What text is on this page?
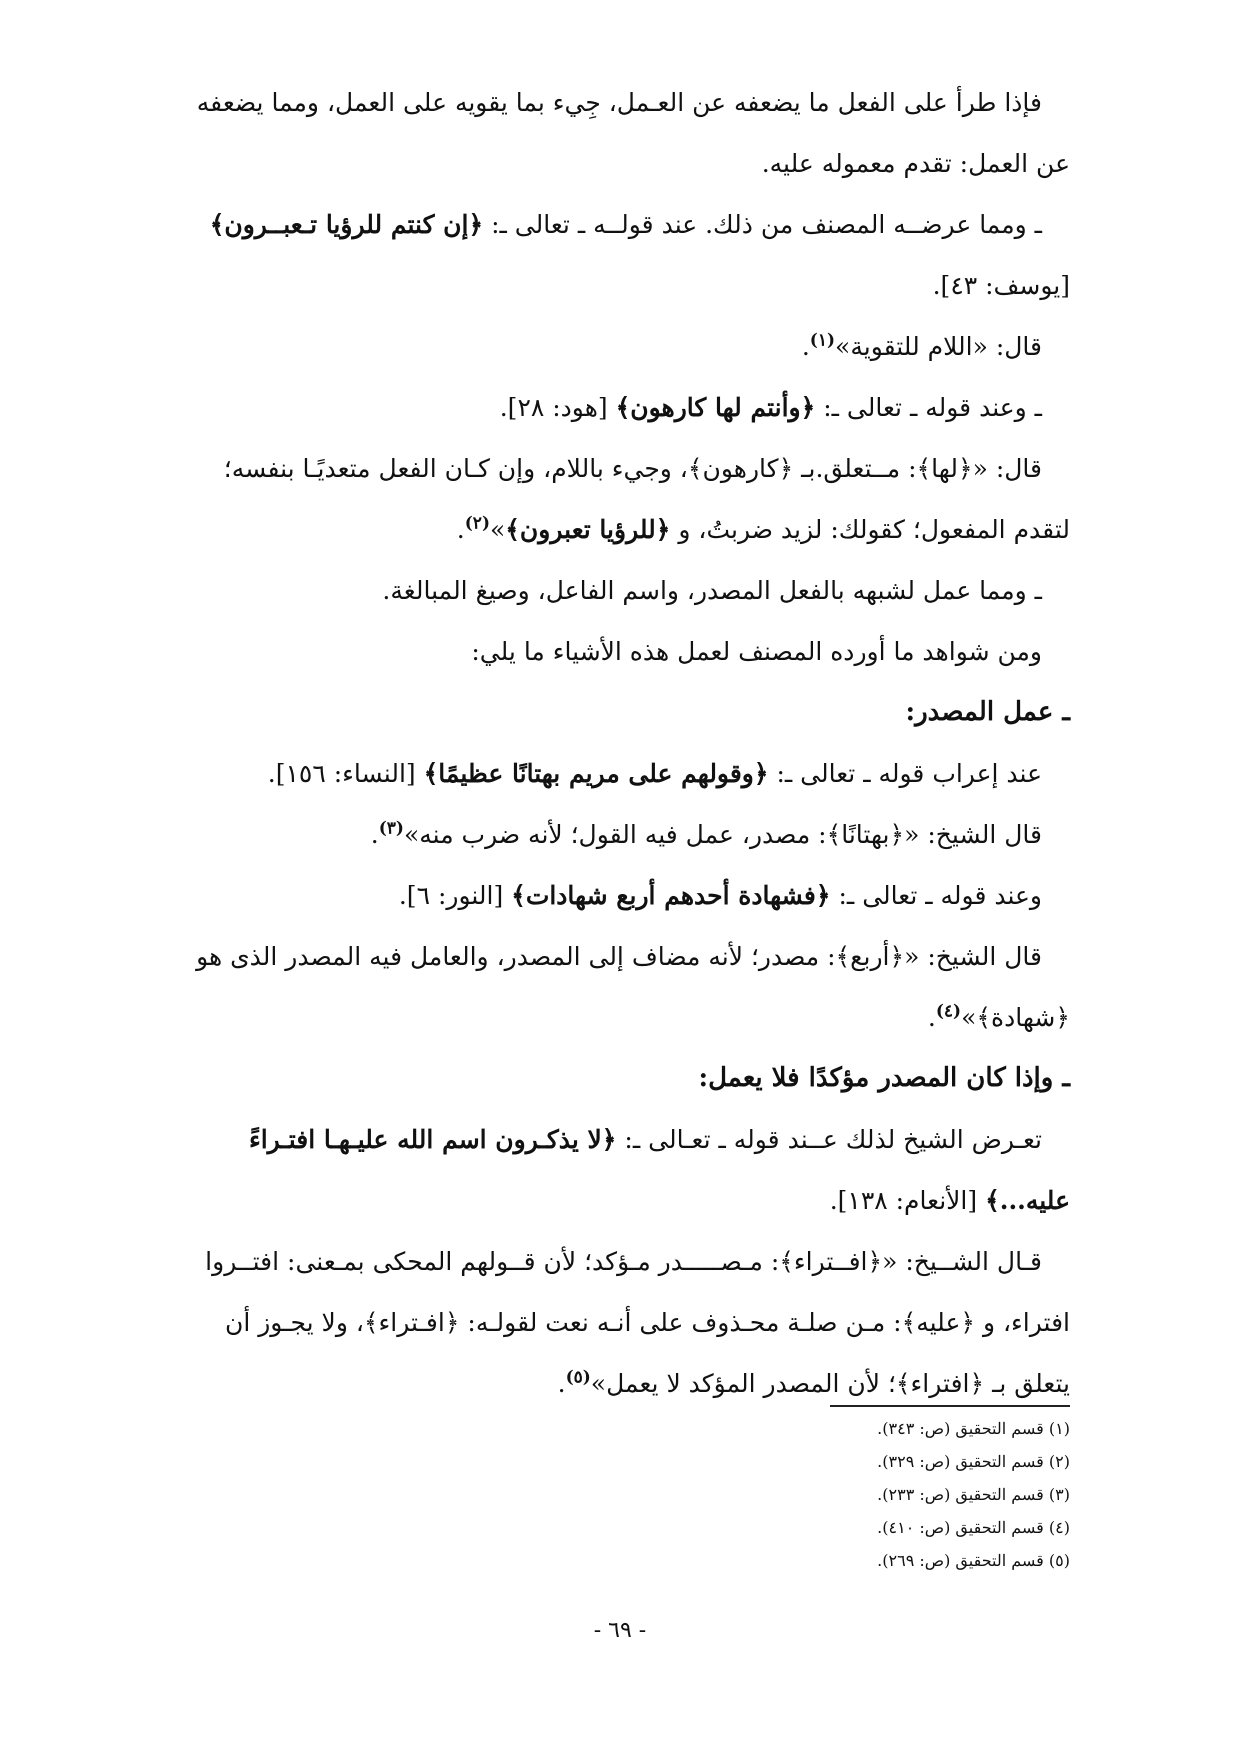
فإذا طرأ على الفعل ما يضعفه عن العـمل، جِيء بما يقويه على العمل، ومما يضعفه

عن العمل: تقدم معموله عليه.

ـ ومما عرضــه المصنف من ذلك. عند قولــه ـ تعالى ـ: ﴿إن كنتم للرؤيا تـعبــرون﴾

[يوسف: ٤٣].

قال: «اللام للتقوية»$^{(١)}$.

ـ وعند قوله ـ تعالى ـ: ﴿وأنتم لها كارهون﴾ [هود: ٢٨].

قال: «﴿لها﴾: مــتعلق.بـ ﴿كارهون﴾، وجيء باللام، وإن كـان الفعل متعديًـا بنفسه؛

لتقدم المفعول؛ كقولك: لزيد ضربتُ، و ﴿للرؤيا تعبرون﴾»$^{(٢)}$.

ـ ومما عمل لشبهه بالفعل المصدر، واسم الفاعل، وصيغ المبالغة.

ومن شواهد ما أورده المصنف لعمل هذه الأشياء ما يلي:

ـ عمل المصدر:

عند إعراب قوله ـ تعالى ـ: ﴿وقولهم على مريم بهتانًا عظيمًا﴾ [النساء: ١٥٦].

قال الشيخ: «﴿بهتانًا﴾: مصدر، عمل فيه القول؛ لأنه ضرب منه»$^{(٣)}$.

وعند قوله ـ تعالى ـ: ﴿فشهادة أحدهم أربع شهادات﴾ [النور: ٦].

قال الشيخ: «﴿أربع﴾: مصدر؛ لأنه مضاف إلى المصدر، والعامل فيه المصدر الذى هو

﴿شهادة﴾»$^{(٤)}$.

ـ وإذا كان المصدر مؤكدًا فلا يعمل:

تعـرض الشيخ لذلك عــند قوله ـ تعـالى ـ: ﴿لا يذكـرون اسم الله عليـهـا افتـراءً

عليه...﴾ [الأنعام: ١٣٨].

قـال الشــيخ: «﴿افــتراء﴾: مـصـــــدر مـؤكد؛ لأن قــولهم المحكى بمـعنى: افتــروا

افتراء، و ﴿عليه﴾: مـن صلـة محـذوف على أنـه نعت لقولـه: ﴿افـتراء﴾، ولا يجـوز أن

يتعلق بـ ﴿افتراء﴾؛ لأن المصدر المؤكد لا يعمل»$^{(٥)}$.

(١) قسم التحقيق (ص: ٣٤٣).
(٢) قسم التحقيق (ص: ٣٢٩).
(٣) قسم التحقيق (ص: ٢٣٣).
(٤) قسم التحقيق (ص: ٤١٠).
(٥) قسم التحقيق (ص: ٢٦٩).
- ٦٩ -
